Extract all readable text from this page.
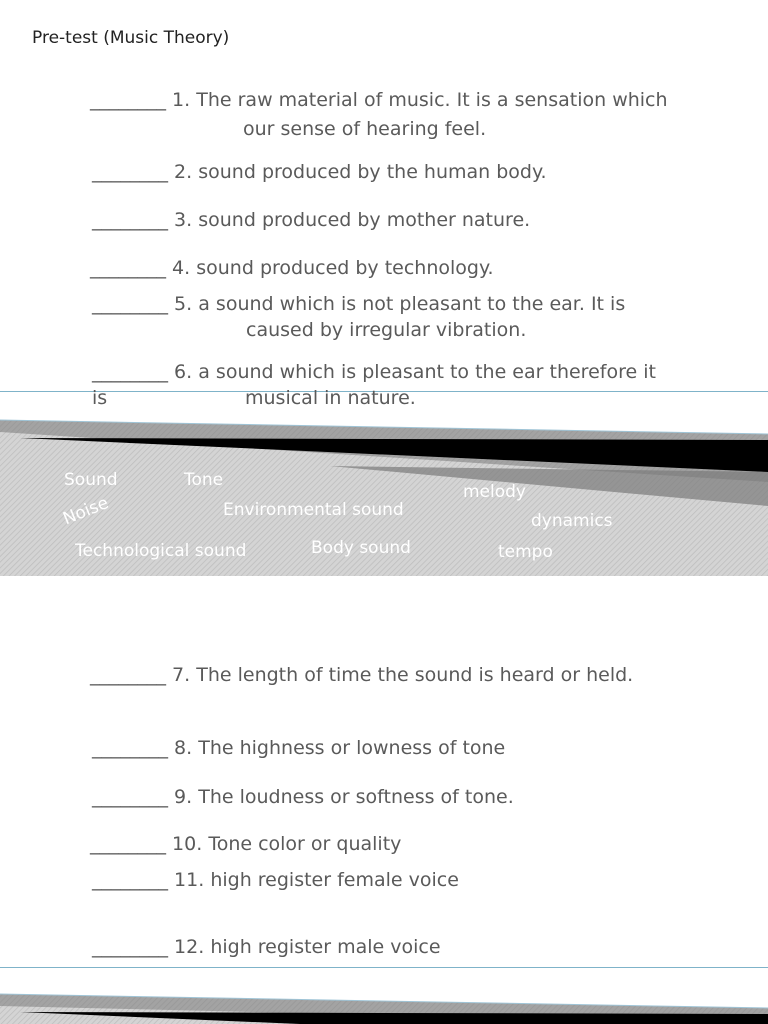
Pre-test (Music Theory)
________ 1. The raw material of music. It is a sensation which
our sense of hearing feel.
________ 2. sound produced by the human body.
________ 3. sound produced by mother nature.
________ 4. sound produced by technology.
________ 5. a sound which is not pleasant to the ear. It is
caused by irregular vibration.
Sound	Tone
melody
Noise	Environmental sound
dynamics
Technological sound	Body sound	tempo
________ 6. a sound which is pleasant to the ear therefore it
is	musical in nature.
________ 7. The length of time the sound is heard or held.
________ 8. The highness or lowness of tone
________ 9. The loudness or softness of tone.
________ 10. Tone color or quality
________ 11. high register female voice
________ 12. high register male voice
